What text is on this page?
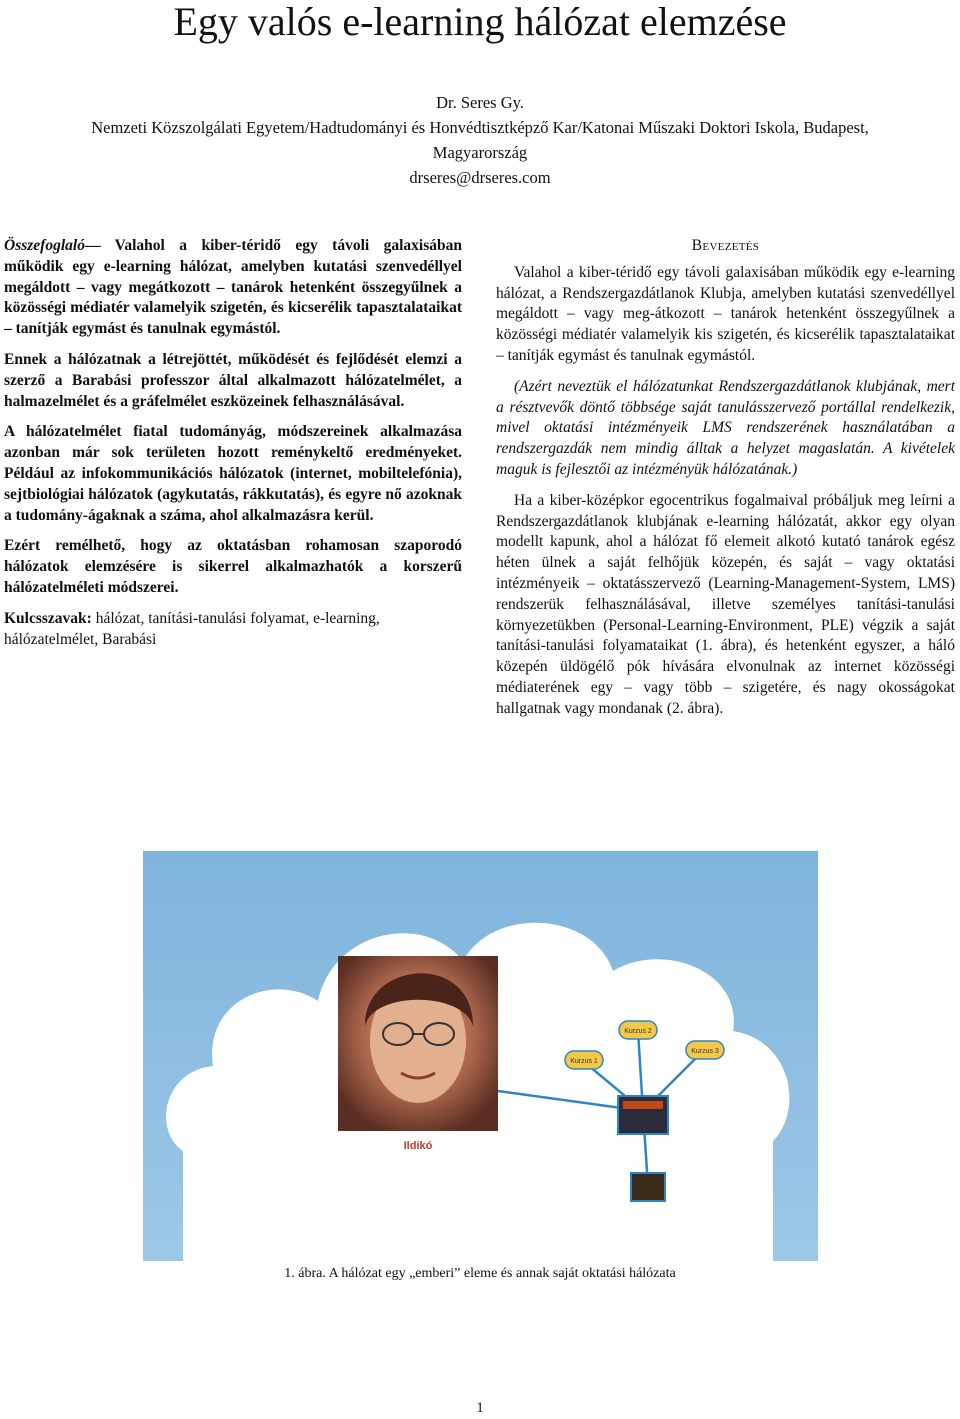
Egy valós e-learning hálózat elemzése
Dr. Seres Gy.
Nemzeti Közszolgálati Egyetem/Hadtudományi és Honvédtisztképző Kar/Katonai Műszaki Doktori Iskola, Budapest,
Magyarország
drseres@drseres.com

Összefoglaló— Valahol a kiber-téridő egy távoli galaxisában működik egy e-learning hálózat, amelyben kutatási szenvedéllyel megáldott – vagy megátkozott – tanárok hetenként összegyűlnek a közösségi médiatér valamelyik szigetén, és kicserélik tapasztalataikat – tanítják egymást és tanulnak egymástól.

Ennek a hálózatnak a létrejöttét, működését és fejlődését elemzi a szerző a Barabási professzor által alkalmazott hálózatelmélet, a halmazelmélet és a gráfelmélet eszközeinek felhasználásával.

A hálózatelmélet fiatal tudományág, módszereinek alkalmazása azonban már sok területen hozott reménykeltő eredményeket. Például az infokommunikációs hálózatok (internet, mobiltelefónia), sejtbiológiai hálózatok (agykutatás, rákkutatás), és egyre nő azoknak a tudomány-ágaknak a száma, ahol alkalmazásra kerül.

Ezért remélhető, hogy az oktatásban rohamosan szaporodó hálózatok elemzésére is sikerrel alkalmazhatók a korszerű hálózatelméleti módszerei.

Kulcsszavak: hálózat, tanítási-tanulási folyamat, e-learning, hálózatelmélet, Barabási

Bevezetés

Valahol a kiber-téridő egy távoli galaxisában működik egy e-learning hálózat, a Rendszergazdátlanok Klubja, amelyben kutatási szenvedéllyel megáldott – vagy meg-átkozott – tanárok hetenként összegyűlnek a közösségi médiatér valamelyik kis szigetén, és kicserélik tapasztalataikat – tanítják egymást és tanulnak egymástól.

(Azért neveztük el hálózatunkat Rendszergazdátlanok klubjának, mert a résztvevők döntő többsége saját tanulásszervező portállal rendelkezik, mivel oktatási intézményeik LMS rendszerének használatában a rendszergazdák nem mindig álltak a helyzet magaslatán. A kivételek maguk is fejlesztői az intézményük hálózatának.)

Ha a kiber-középkor egocentrikus fogalmaival próbáljuk meg leírni a Rendszergazdátlanok klubjának e-learning hálózatát, akkor egy olyan modellt kapunk, ahol a hálózat fő elemeit alkotó kutató tanárok egész héten ülnek a saját felhőjük közepén, és saját – vagy oktatási intézményeik – oktatásszervező (Learning-Management-System, LMS) rendszerük felhasználásával, illetve személyes tanítási-tanulási környezetükben (Personal-Learning-Environment, PLE) végzik a saját tanítási-tanulási folyamataikat (1. ábra), és hetenként egyszer, a háló közepén üldögélő pók hívására elvonulnak az internet közösségi médiaterének egy – vagy több – szigetére, és nagy okosságokat hallgatnak vagy mondanak (2. ábra).

Ildikó
Kurzus 1
Kurzus 2
Kurzus 3
1. ábra. A hálózat egy „emberi” eleme és annak saját oktatási hálózata
1
